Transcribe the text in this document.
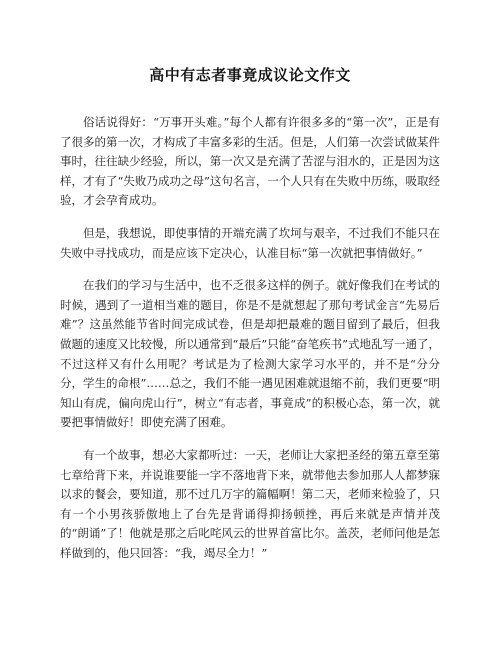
高中有志者事竟成议论文作文

俗话说得好：“万事开头难。”每个人都有许很多多的“第一次”，正是有了很多的第一次，才构成了丰富多彩的生活。但是，人们第一次尝试做某件事时，往往缺少经验，所以，第一次又是充满了苦涩与泪水的，正是因为这样，才有了“失败乃成功之母”这句名言，一个人只有在失败中历练，吸取经验，才会孕育成功。

但是，我想说，即使事情的开端充满了坎坷与艰辛，不过我们不能只在失败中寻找成功，而是应该下定决心，认准目标“第一次就把事情做好。”

在我们的学习与生活中，也不乏很多这样的例子。就好像我们在考试的时候，遇到了一道相当难的题目，你是不是就想起了那句考试金言“先易后难”？这虽然能节省时间完成试卷，但是却把最难的题目留到了最后，但我做题的速度又比较慢，所以通常到“最后”只能“奋笔疾书”式地乱写一通了，不过这样又有什么用呢？考试是为了检测大家学习水平的，并不是“分分分，学生的命根”……总之，我们不能一遇见困难就退缩不前，我们更要“明知山有虎，偏向虎山行”，树立“有志者，事竟成”的积极心态，第一次，就要把事情做好！即使充满了困难。

有一个故事，想必大家都听过：一天，老师让大家把圣经的第五章至第七章给背下来，并说谁要能一字不落地背下来，就带他去参加那人人都梦寐以求的餐会，要知道，那不过几万字的篇幅啊！第二天，老师来检验了，只有一个小男孩骄傲地上了台先是背诵得抑扬顿挫，再后来就是声情并茂的“朗诵”了！他就是那之后叱咤风云的世界首富比尔。盖茨，老师问他是怎样做到的，他只回答：“我，竭尽全力！”
